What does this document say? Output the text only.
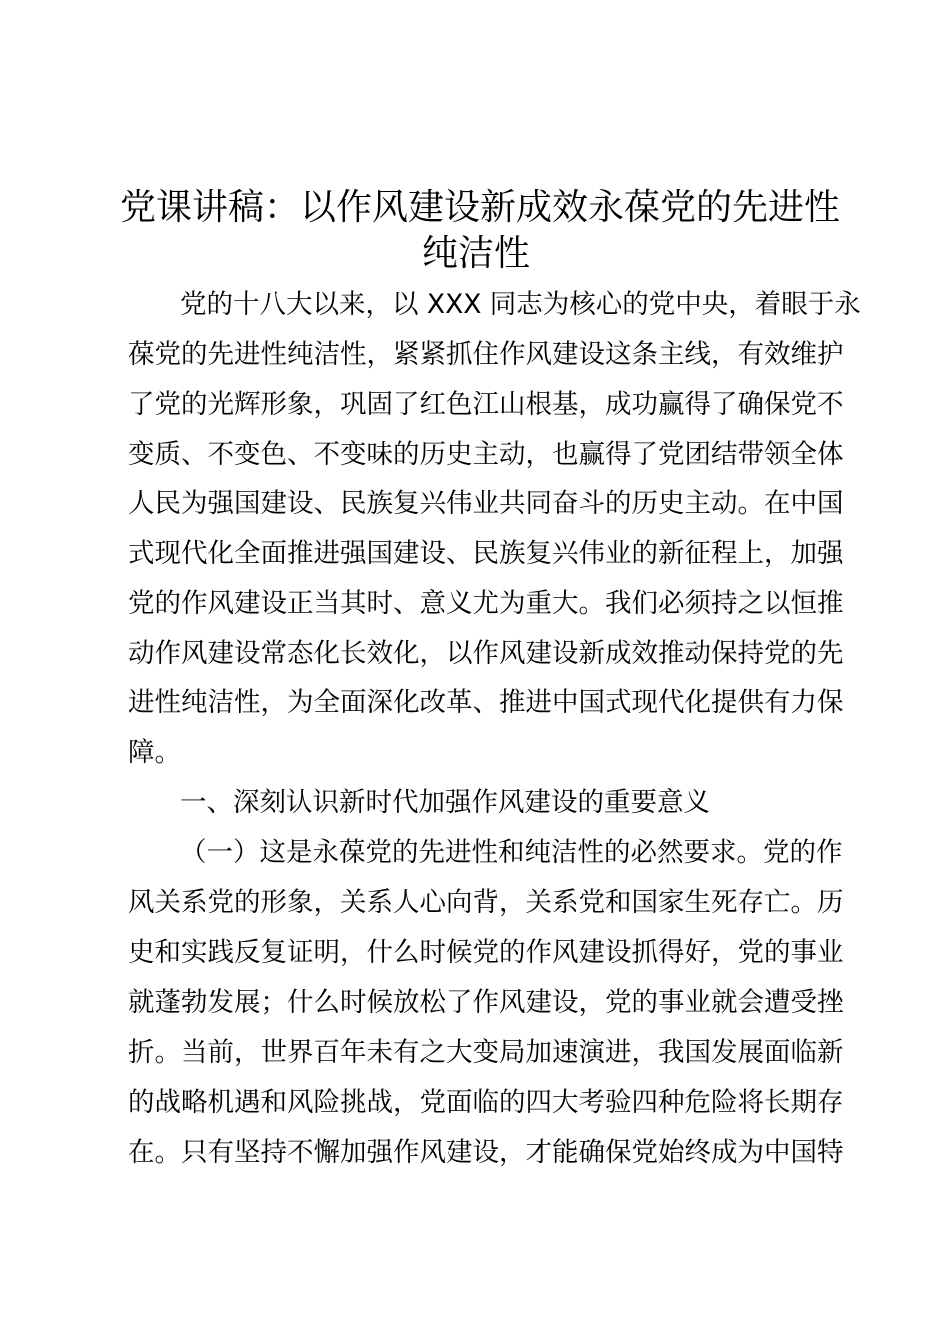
党课讲稿：以作风建设新成效永葆党的先进性
纯洁性

党的十八大以来，以 XXX 同志为核心的党中央，着眼于永

葆党的先进性纯洁性，紧紧抓住作风建设这条主线，有效维护

了党的光辉形象，巩固了红色江山根基，成功赢得了确保党不

变质、不变色、不变味的历史主动，也赢得了党团结带领全体

人民为强国建设、民族复兴伟业共同奋斗的历史主动。在中国

式现代化全面推进强国建设、民族复兴伟业的新征程上，加强

党的作风建设正当其时、意义尤为重大。我们必须持之以恒推

动作风建设常态化长效化，以作风建设新成效推动保持党的先

进性纯洁性，为全面深化改革、推进中国式现代化提供有力保

障。

一、深刻认识新时代加强作风建设的重要意义

（一）这是永葆党的先进性和纯洁性的必然要求。党的作

风关系党的形象，关系人心向背，关系党和国家生死存亡。历

史和实践反复证明，什么时候党的作风建设抓得好，党的事业

就蓬勃发展；什么时候放松了作风建设，党的事业就会遭受挫

折。当前，世界百年未有之大变局加速演进，我国发展面临新

的战略机遇和风险挑战，党面临的四大考验四种危险将长期存

在。只有坚持不懈加强作风建设，才能确保党始终成为中国特
